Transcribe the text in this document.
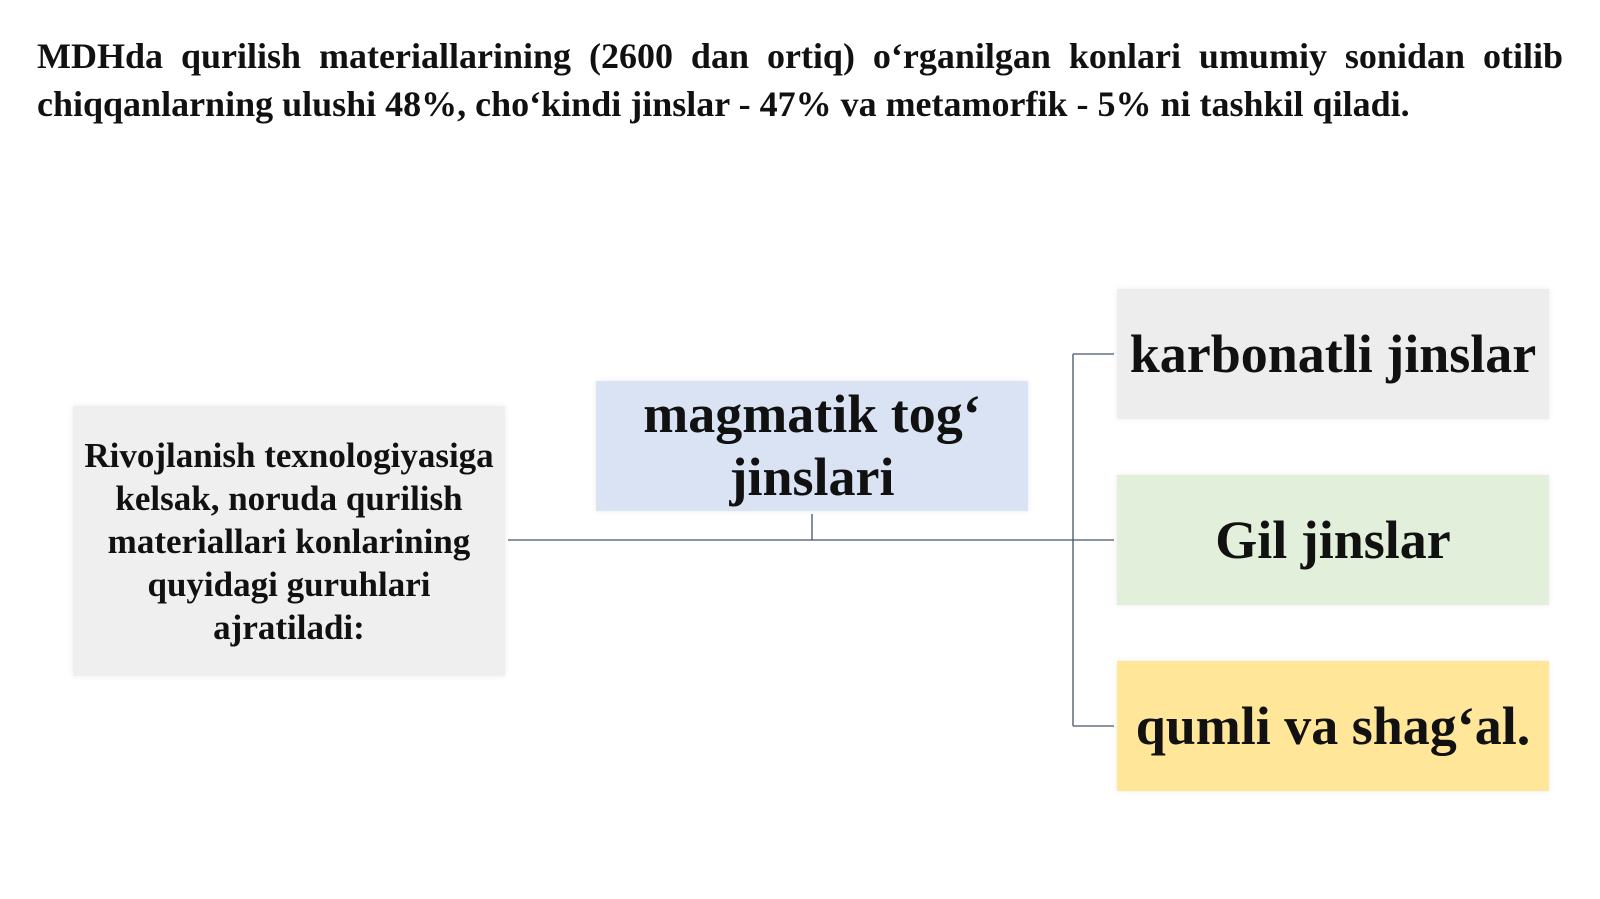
MDHda qurilish materiallarining (2600 dan ortiq) o‘rganilgan konlari umumiy sonidan otilib chiqqanlarning ulushi 48%, cho‘kindi jinslar - 47% va metamorfik - 5% ni tashkil qiladi.

Rivojlanish texnologiyasiga kelsak, noruda qurilish materiallari konlarining quyidagi guruhlari ajratiladi:
magmatik tog‘ jinslari
karbonatli jinslar
Gil jinslar
qumli va shag‘al.
